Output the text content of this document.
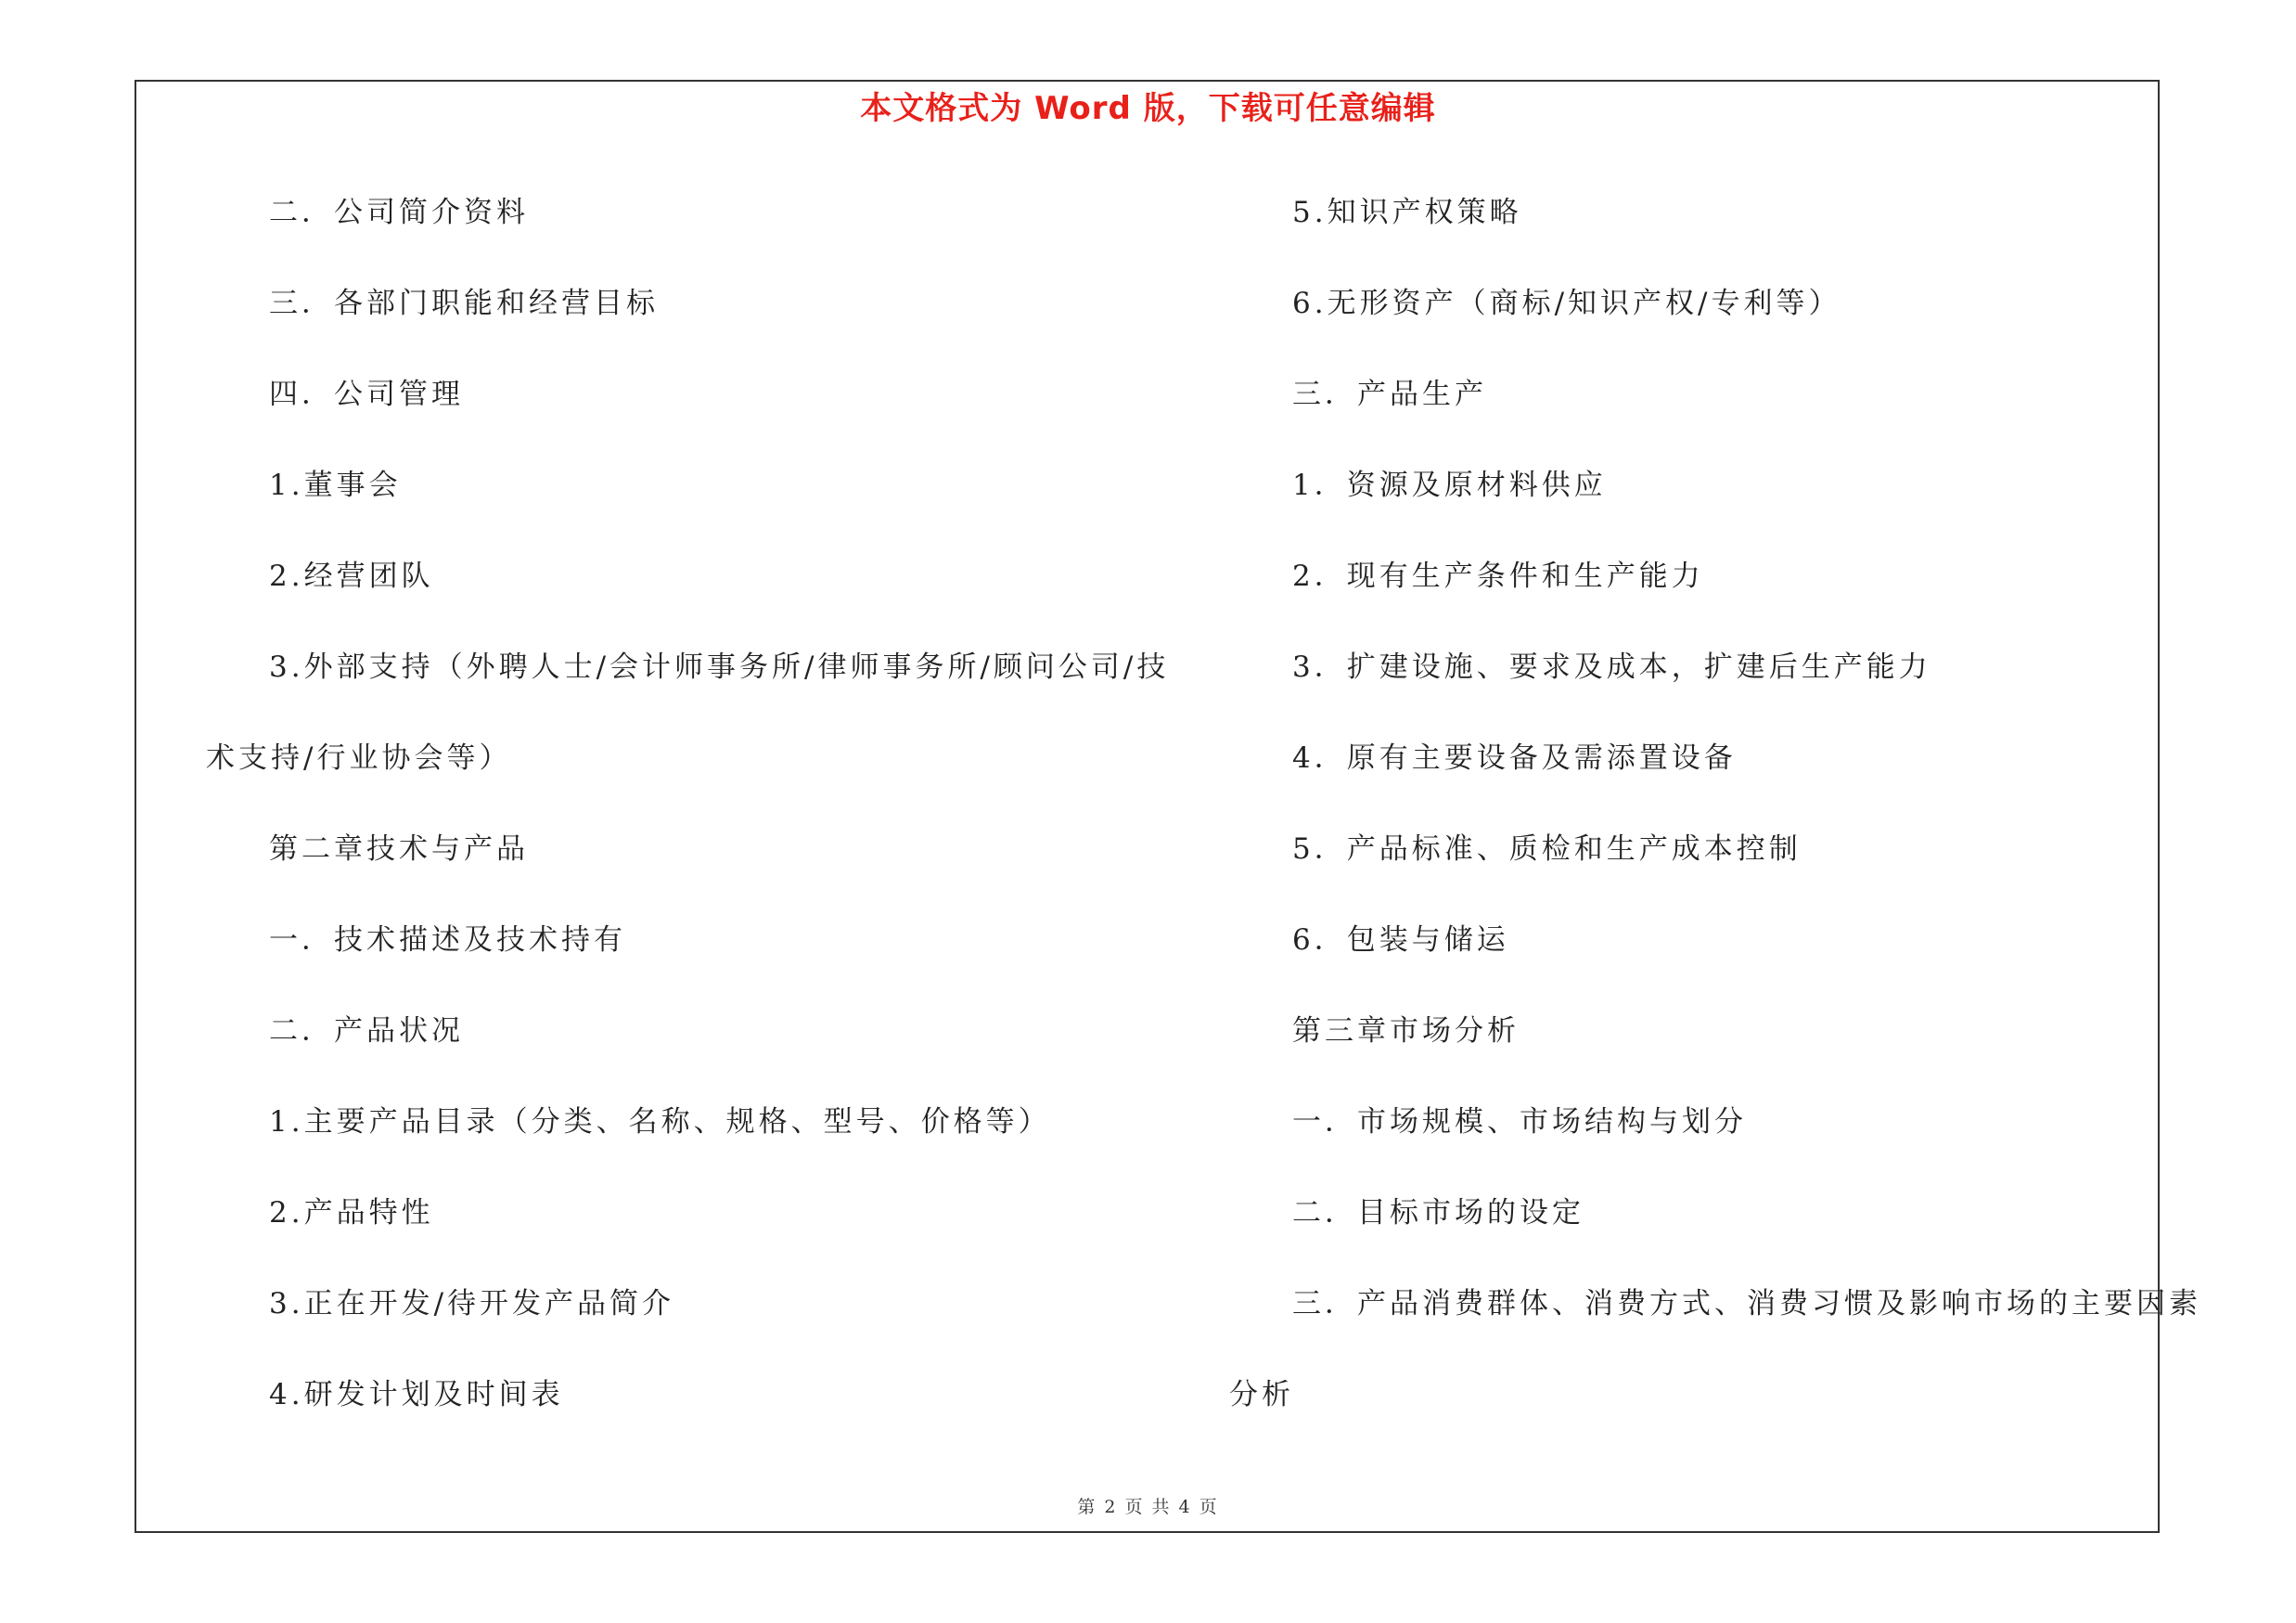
本文格式为 Word 版，下载可任意编辑
二．公司简介资料
三．各部门职能和经营目标
四．公司管理
1.董事会
2.经营团队
3.外部支持（外聘人士/会计师事务所/律师事务所/顾问公司/技
术支持/行业协会等）
第二章技术与产品
一．技术描述及技术持有
二．产品状况
1.主要产品目录（分类、名称、规格、型号、价格等）
2.产品特性
3.正在开发/待开发产品简介
4.研发计划及时间表
5.知识产权策略
6.无形资产（商标/知识产权/专利等）
三．产品生产
1．资源及原材料供应
2．现有生产条件和生产能力
3．扩建设施、要求及成本，扩建后生产能力
4．原有主要设备及需添置设备
5．产品标准、质检和生产成本控制
6．包装与储运
第三章市场分析
一．市场规模、市场结构与划分
二．目标市场的设定
三．产品消费群体、消费方式、消费习惯及影响市场的主要因素
分析
第 2 页 共 4 页
